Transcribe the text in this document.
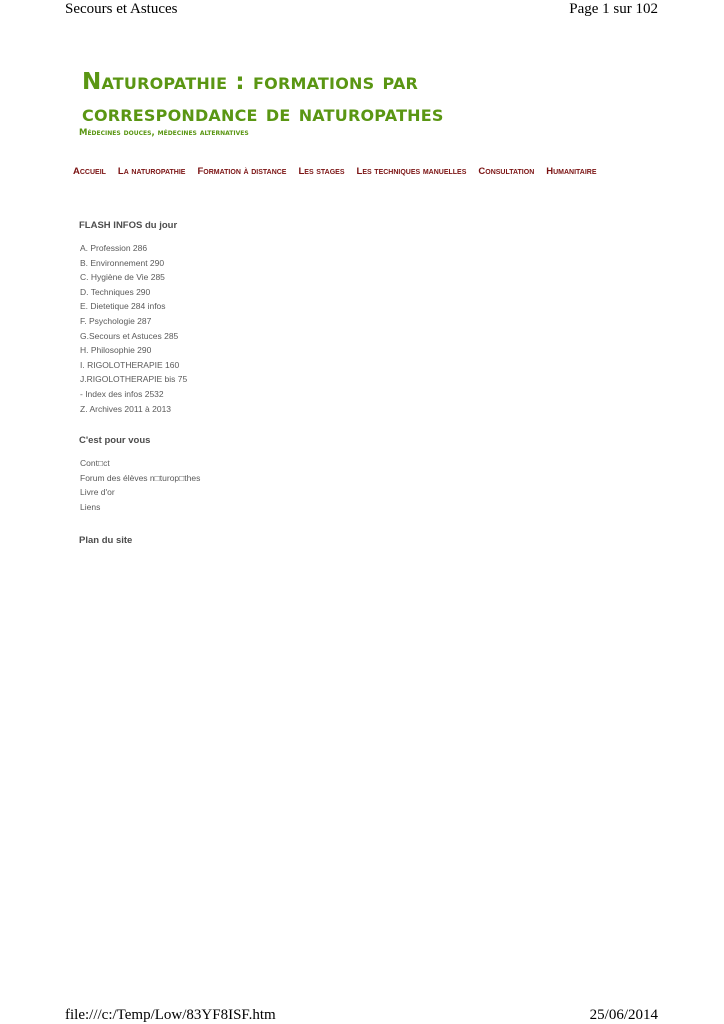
Secours et Astuces	Page 1 sur 102
Naturopathie : formations par
correspondance de naturopathes

Médecines douces, médecines alternatives

Accueil La naturopathie Formation à distance Les stages Les techniques manuelles Consultation Humanitaire
FLASH INFOS du jour
A. Profession 286
B. Environnement 290
C. Hygiène de Vie 285
D. Techniques 290
E. Dietetique 284 infos
F. Psychologie 287
G.Secours et Astuces 285
H. Philosophie 290
I. RIGOLOTHERAPIE 160
J.RIGOLOTHERAPIE bis 75
- Index des infos 2532
Z. Archives 2011 à 2013
C'est pour vous
Cont□ct
Forum des élèves n□turop□thes
Livre d'or
Liens
Plan du site
file:///c:/Temp/Low/83YF8ISF.htm	25/06/2014
